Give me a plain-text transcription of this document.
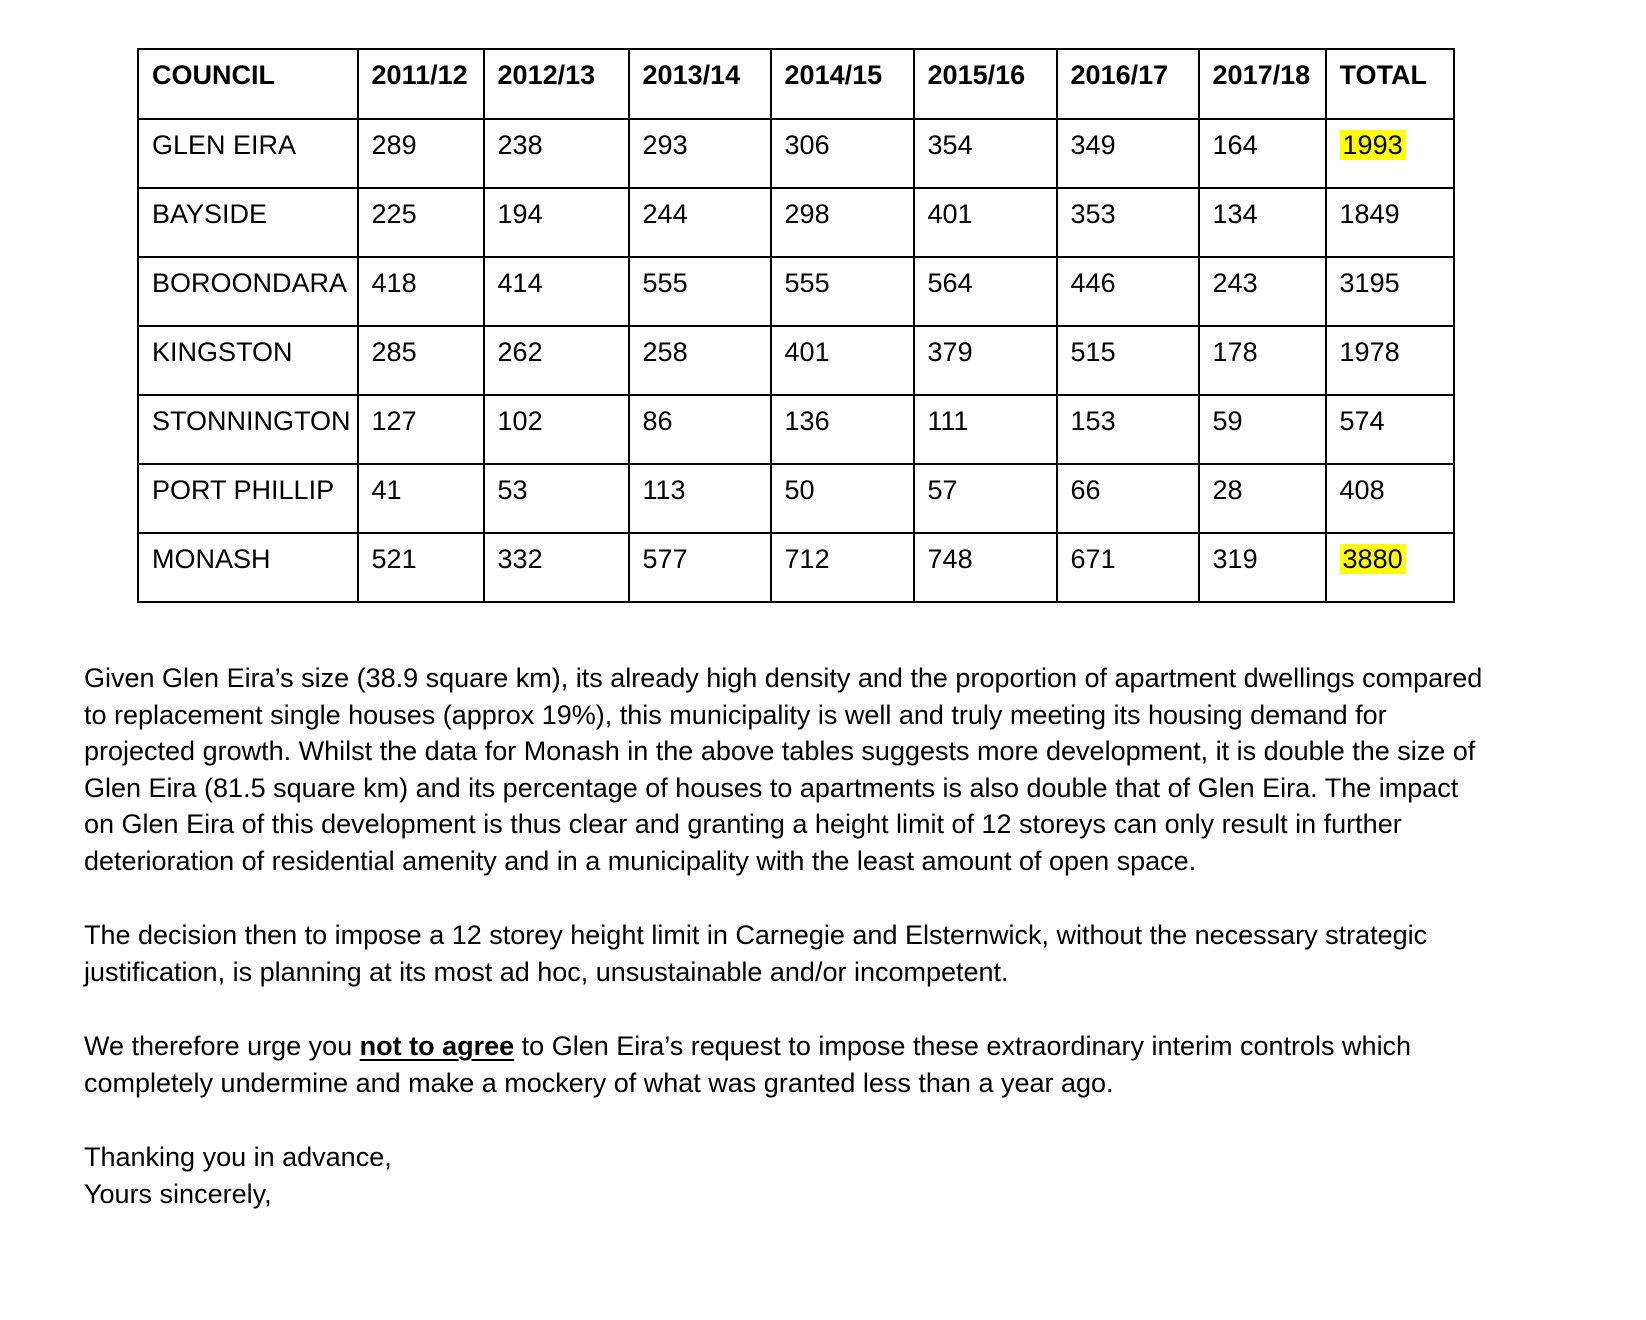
COUNCIL	2011/12	2012/13	2013/14	2014/15	2015/16	2016/17	2017/18	TOTAL
GLEN EIRA	289	238	293	306	354	349	164	1993
BAYSIDE	225	194	244	298	401	353	134	1849
BOROONDARA	418	414	555	555	564	446	243	3195
KINGSTON	285	262	258	401	379	515	178	1978
STONNINGTON	127	102	86	136	111	153	59	574
PORT PHILLIP	41	53	113	50	57	66	28	408
MONASH	521	332	577	712	748	671	319	3880

Given Glen Eira’s size (38.9 square km), its already high density and the proportion of apartment dwellings compared to replacement single houses (approx 19%), this municipality is well and truly meeting its housing demand for projected growth. Whilst the data for Monash in the above tables suggests more development, it is double the size of Glen Eira (81.5 square km) and its percentage of houses to apartments is also double that of Glen Eira. The impact on Glen Eira of this development is thus clear and granting a height limit of 12 storeys can only result in further deterioration of residential amenity and in a municipality with the least amount of open space.

The decision then to impose a 12 storey height limit in Carnegie and Elsternwick, without the necessary strategic justification, is planning at its most ad hoc, unsustainable and/or incompetent.

We therefore urge you not to agree to Glen Eira’s request to impose these extraordinary interim controls which completely undermine and make a mockery of what was granted less than a year ago.

Thanking you in advance,
Yours sincerely,
